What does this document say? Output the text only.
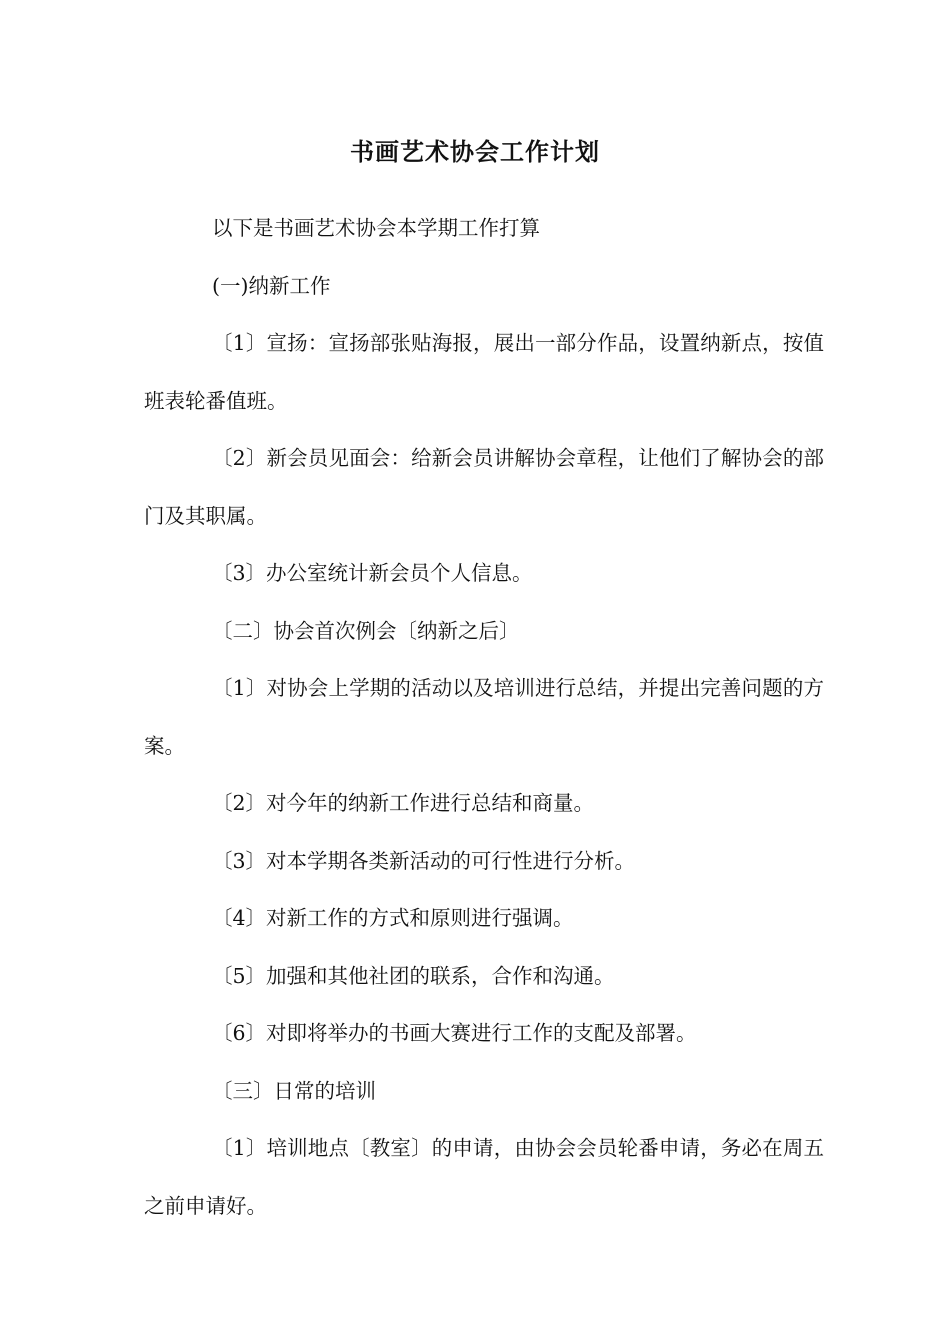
书画艺术协会工作计划

以下是书画艺术协会本学期工作打算

(一)纳新工作

〔1〕宣扬：宣扬部张贴海报，展出一部分作品，设置纳新点，按值班表轮番值班。

〔2〕新会员见面会：给新会员讲解协会章程，让他们了解协会的部门及其职属。

〔3〕办公室统计新会员个人信息。

〔二〕协会首次例会〔纳新之后〕

〔1〕对协会上学期的活动以及培训进行总结，并提出完善问题的方案。

〔2〕对今年的纳新工作进行总结和商量。

〔3〕对本学期各类新活动的可行性进行分析。

〔4〕对新工作的方式和原则进行强调。

〔5〕加强和其他社团的联系，合作和沟通。

〔6〕对即将举办的书画大赛进行工作的支配及部署。

〔三〕日常的培训

〔1〕培训地点〔教室〕的申请，由协会会员轮番申请，务必在周五之前申请好。
